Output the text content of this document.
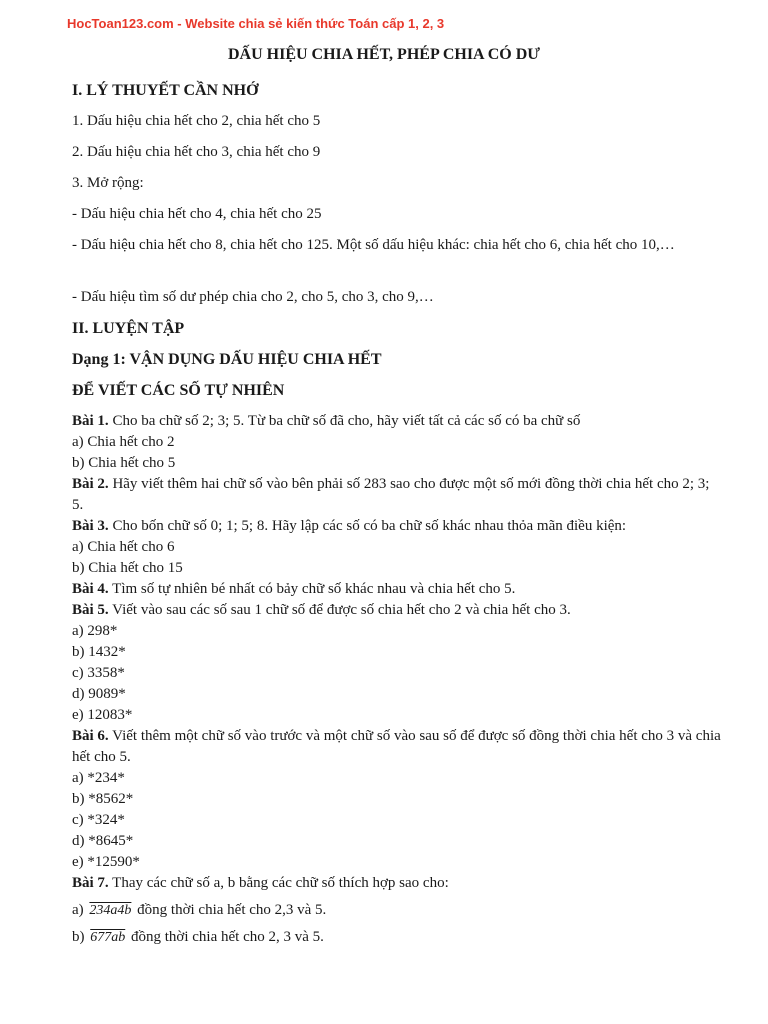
HocToan123.com - Website chia sẻ kiến thức Toán cấp 1, 2, 3
DẤU HIỆU CHIA HẾT, PHÉP CHIA CÓ DƯ
I. LÝ THUYẾT CẦN NHỚ
1. Dấu hiệu chia hết cho 2, chia hết cho 5
2. Dấu hiệu chia hết cho 3, chia hết cho 9
3. Mở rộng:
- Dấu hiệu chia hết cho 4, chia hết cho 25
- Dấu hiệu chia hết cho 8, chia hết cho 125. Một số dấu hiệu khác: chia hết cho 6, chia hết cho 10,…
- Dấu hiệu tìm số dư phép chia cho 2, cho 5, cho 3, cho 9,…
II. LUYỆN TẬP
Dạng 1: VẬN DỤNG DẤU HIỆU CHIA HẾT
ĐỂ VIẾT CÁC SỐ TỰ NHIÊN
Bài 1. Cho ba chữ số 2; 3; 5. Từ ba chữ số đã cho, hãy viết tất cả các số có ba chữ số
a) Chia hết cho 2
b) Chia hết cho 5
Bài 2. Hãy viết thêm hai chữ số vào bên phải số 283 sao cho được một số mới đồng thời chia hết cho 2; 3; 5.
Bài 3. Cho bốn chữ số 0; 1; 5; 8. Hãy lập các số có ba chữ số khác nhau thỏa mãn điều kiện:
a) Chia hết cho 6
b) Chia hết cho 15
Bài 4. Tìm số tự nhiên bé nhất có bảy chữ số khác nhau và chia hết cho 5.
Bài 5. Viết vào sau các số sau 1 chữ số để được số chia hết cho 2 và chia hết cho 3.
a) 298*
b) 1432*
c) 3358*
d) 9089*
e) 12083*
Bài 6. Viết thêm một chữ số vào trước và một chữ số vào sau số để được số đồng thời chia hết cho 3 và chia hết cho 5.
a) *234*
b) *8562*
c) *324*
d) *8645*
e) *12590*
Bài 7. Thay các chữ số a, b bằng các chữ số thích hợp sao cho:
a) 234a4b đồng thời chia hết cho 2,3 và 5.
b) 677ab đồng thời chia hết cho 2, 3 và 5.
